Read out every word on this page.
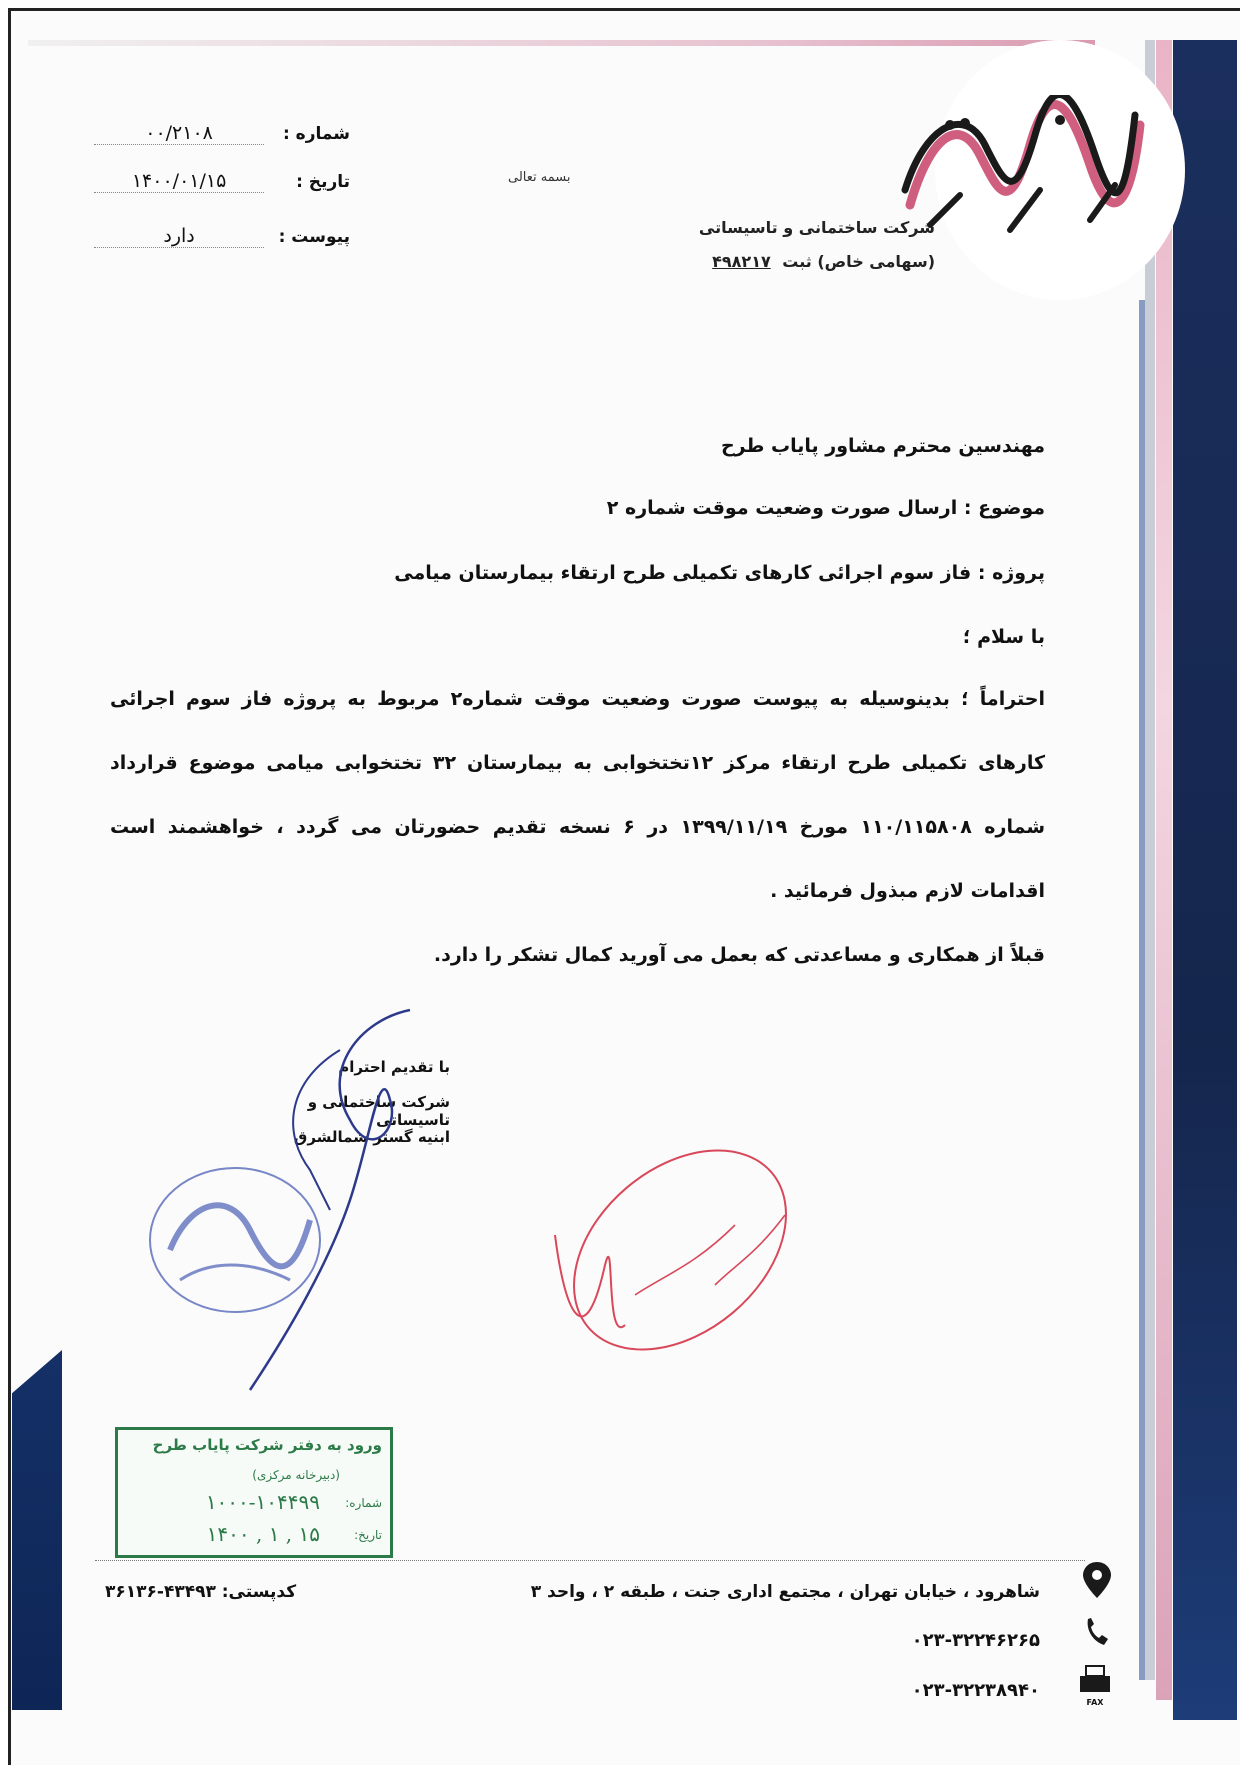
شرکت ساختمانی و تاسیساتی
(سهامی خاص) ثبت ۴۹۸۲۱۷
بسمه تعالی
شماره : ۰۰/۲۱۰۸
تاریخ : ۱۴۰۰/۰۱/۱۵
پیوست : دارد
مهندسین محترم مشاور پایاب طرح
موضوع : ارسال صورت وضعیت موقت شماره ۲
پروژه : فاز سوم اجرائی کارهای تکمیلی طرح ارتقاء بیمارستان میامی
با سلام ؛
احتراماً ؛ بدینوسیله به پیوست صورت وضعیت موقت شماره۲ مربوط به پروژه فاز سوم اجرائی
کارهای تکمیلی طرح ارتقاء مرکز ۱۲تختخوابی به بیمارستان ۳۲ تختخوابی میامی موضوع قرارداد
شماره ۱۱۰/۱۱۵۸۰۸ مورخ ۱۳۹۹/۱۱/۱۹ در ۶ نسخه تقدیم حضورتان می گردد ، خواهشمند است
اقدامات لازم مبذول فرمائید .
قبلاً از همکاری و مساعدتی که بعمل می آورید کمال تشکر را دارد.
با تقدیم احترام
شرکت ساختمانی و تاسیساتی
ابنیه گستر شمالشرق
ورود به دفتر شرکت پایاب طرح
(دبیرخانه مرکزی)
شماره:
۱۰۰۰-۱۰۴۴۹۹
تاریخ:
۱۴۰۰ , ۱ , ۱۵
شاهرود ، خیابان تهران ، مجتمع اداری جنت ، طبقه ۲ ، واحد ۳
کدپستی: ۴۳۴۹۳-۳۶۱۳۶
۰۲۳-۳۲۲۴۶۲۶۵
۰۲۳-۳۲۲۳۸۹۴۰
FAX
